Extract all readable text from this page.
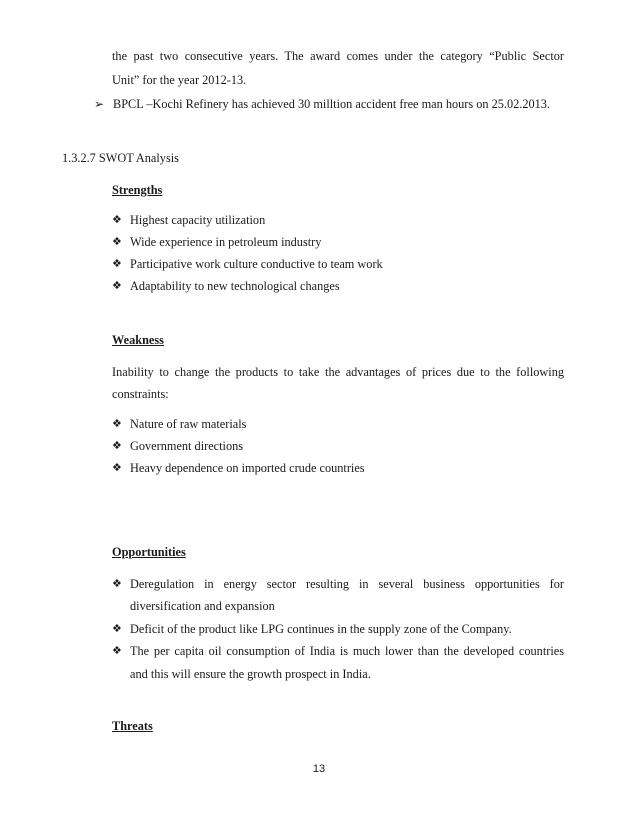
the past two consecutive years. The award comes under the category “Public Sector
Unit” for the year 2012-13.
➢ BPCL –Kochi Refinery has achieved 30 milltion accident free man hours on 25.02.2013.
1.3.2.7 SWOT Analysis
Strengths
❖ Highest capacity utilization
❖ Wide experience in petroleum industry
❖ Participative work culture conductive to team work
❖ Adaptability to new technological changes
Weakness
Inability to change the products to take the advantages of prices due to the following
constraints:
❖ Nature of raw materials
❖ Government directions
❖ Heavy dependence on imported crude countries
Opportunities
❖ Deregulation in energy sector resulting in several business opportunities for
diversification and expansion
❖ Deficit of the product like LPG continues in the supply zone of the Company.
❖ The per capita oil consumption of India is much lower than the developed countries
and this will ensure the growth prospect in India.
Threats
13
